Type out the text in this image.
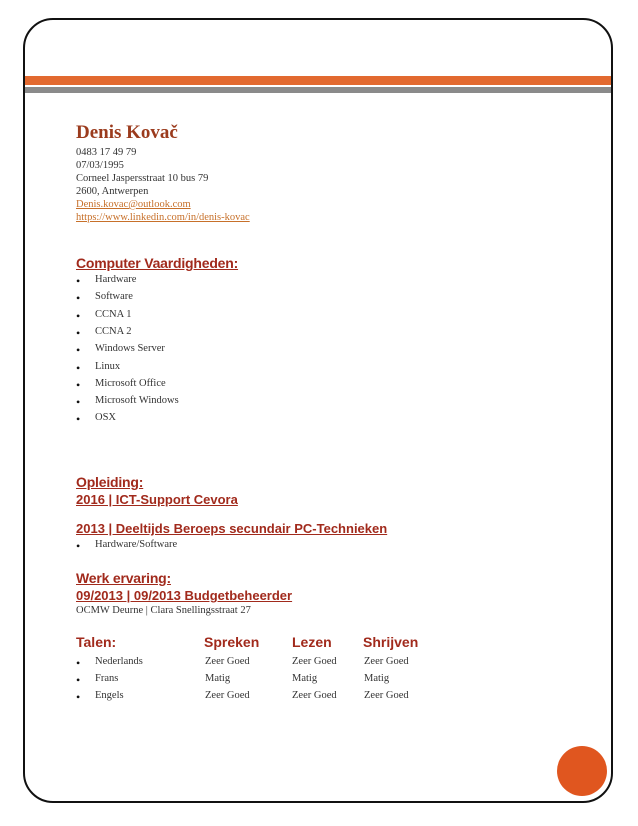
Denis Kovač
0483 17 49 79
07/03/1995
Corneel Jaspersstraat 10 bus 79
2600, Antwerpen
Denis.kovac@outlook.com
https://www.linkedin.com/in/denis-kovac
Computer Vaardigheden:
• Hardware
• Software
• CCNA 1
• CCNA 2
• Windows Server
• Linux
• Microsoft Office
• Microsoft Windows
• OSX
Opleiding:
2016 | ICT-Support Cevora
2013 | Deeltijds Beroeps secundair PC-Technieken
• Hardware/Software
Werk ervaring:
09/2013 | 09/2013 Budgetbeheerder
OCMW Deurne | Clara Snellingsstraat 27
Talen:	Spreken Lezen Shrijven
• Nederlands	Zeer Goed	Zeer Goed	Zeer Goed
• Frans	Matig	Matig	Matig
• Engels	Zeer Goed	Zeer Goed	Zeer Goed
